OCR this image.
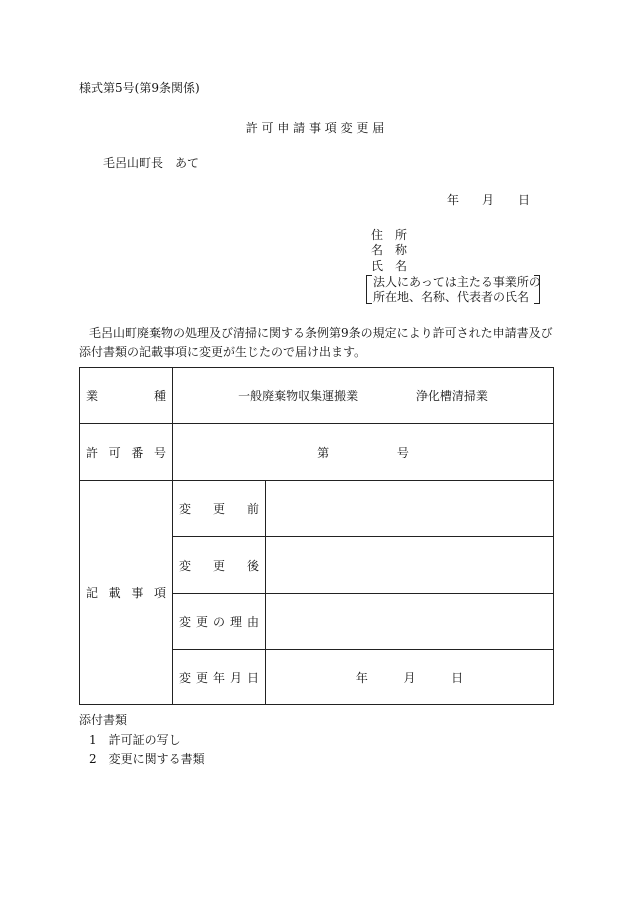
様式第5号(第9条関係)
許 可 申 請 事 項 変 更 届
毛呂山町長　あて
年 月 日
住　所
名　称
氏　名
法人にあっては主たる事業所の
所在地、名称、代表者の氏名
毛呂山町廃棄物の処理及び清掃に関する条例第9条の規定により許可された申請書及び
添付書類の記載事項に変更が生じたので届け出ます。
業 種	一般廃棄物収集運搬業 浄化槽清掃業	

許 可 番 号	第 号	

記 載 事 項	変 更 前	

	変 更 後	

	変 更 の 理 由	

	変 更 年 月 日	年 月 日
添付書類
1 許可証の写し
2 変更に関する書類
